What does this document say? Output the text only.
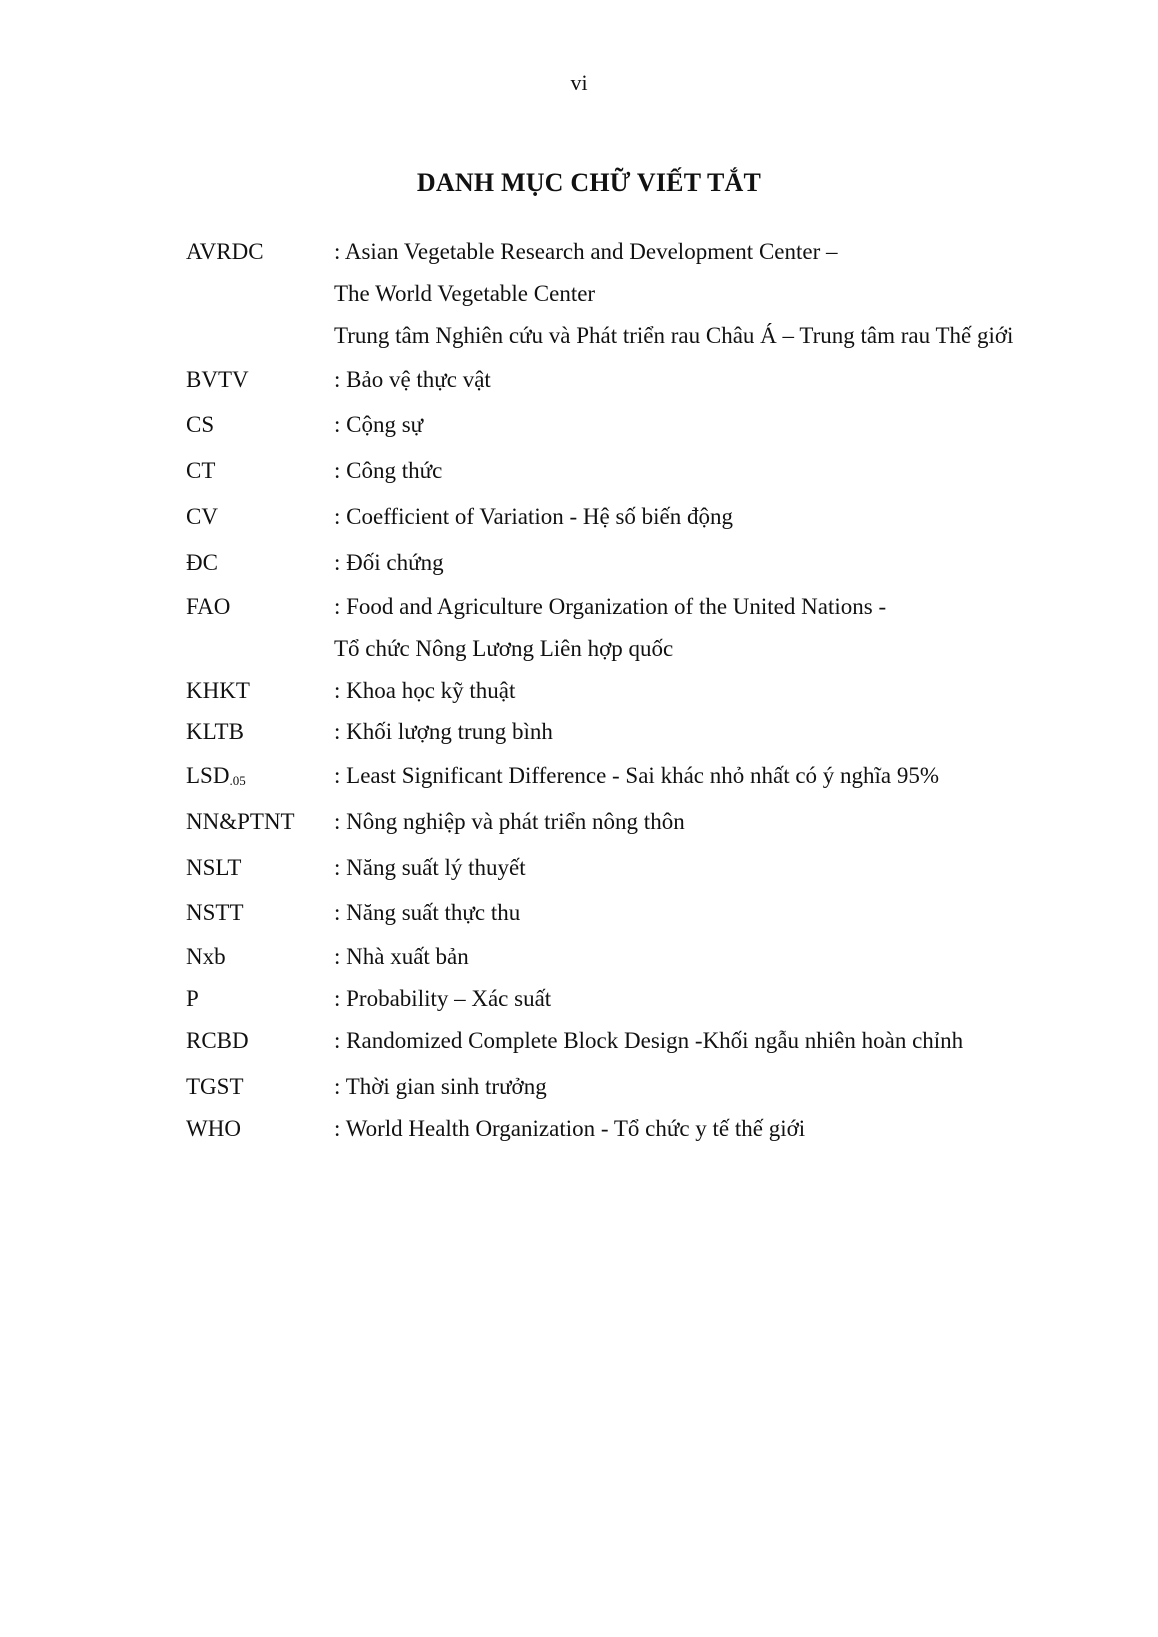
vi
DANH MỤC CHỮ VIẾT TẮT
AVRDC	: Asian Vegetable Research and Development Center –
The World Vegetable Center
Trung tâm Nghiên cứu và Phát triển rau Châu Á – Trung tâm rau Thế giới
BVTV	: Bảo vệ thực vật
CS	: Cộng sự
CT	: Công thức
CV	: Coefficient of Variation - Hệ số biến động
ĐC	: Đối chứng
FAO	: Food and Agriculture Organization of the United Nations -
Tổ chức Nông Lương Liên hợp quốc
KHKT	: Khoa học kỹ thuật
KLTB	: Khối lượng trung bình
$LSD_{.05}$	: Least Significant Difference - Sai khác nhỏ nhất có ý nghĩa 95%
NN&PTNT : Nông nghiệp và phát triển nông thôn
NSLT	: Năng suất lý thuyết
NSTT	: Năng suất thực thu
Nxb	: Nhà xuất bản
P	: Probability – Xác suất
RCBD	: Randomized Complete Block Design -Khối ngẫu nhiên hoàn chỉnh
TGST	: Thời gian sinh trưởng
WHO	: World Health Organization - Tổ chức y tế thế giới
